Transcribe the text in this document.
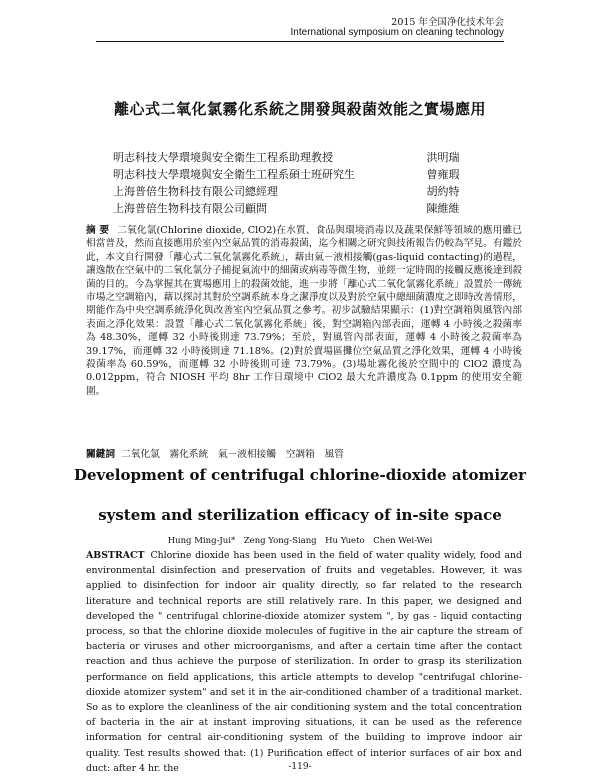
2015 年全国净化技术年会
International symposium on cleaning technology
離心式二氧化氯霧化系統之開發與殺菌效能之實場應用
明志科技大學環境與安全衛生工程系助理教授	洪明瑞
明志科技大學環境與安全衛生工程系碩士班研究生	曾雍瑕
上海普倍生物科技有限公司總經理	胡約特
上海普倍生物科技有限公司顧問	陳維維
摘 要 二氧化氯(Chlorine dioxide, ClO2)在水質、食品與環境消毒以及蔬果保鮮等領域的應用雖已相當普及，然而直接應用於室內空氣品質的消毒殺菌，迄今相關之研究與技術報告仍較為罕見。有鑑於此，本文自行開發「離心式二氧化氯霧化系統」，藉由氣－液相接觸(gas-liquid contacting)的過程，讓逸散在空氣中的二氧化氯分子捕捉氣流中的細菌或病毒等微生物，並經一定時間的接觸反應後達到殺菌的目的。今為掌握其在實場應用上的殺菌效能，進一步將「離心式二氧化氯霧化系統」設置於一傳統市場之空調箱內，藉以探討其對於空調系統本身之潔淨度以及對於空氣中總細菌濃度之即時改善情形，期能作為中央空調系統淨化與改善室內空氣品質之參考。初步試驗結果顯示：(1)對空調箱與風管內部表面之淨化效果：設置「離心式二氧化氯霧化系統」後，對空調箱內部表面，運轉 4 小時後之殺菌率為 48.30%，運轉 32 小時後則達 73.79%；至於，對風管內部表面，運轉 4 小時後之殺菌率為 39.17%，而運轉 32 小時後則達 71.18%。(2)對於賣場區攤位空氣品質之淨化效果，運轉 4 小時後殺菌率為 60.59%，而運轉 32 小時後則可達 73.79%。(3)場址霧化後於空間中的 ClO2 濃度為 0.012ppm，符合 NIOSH 平均 8hr 工作日環境中 ClO2 最大允許濃度為 0.1ppm 的使用安全範圍。
關鍵詞 二氧化氯　霧化系統　氣－液相接觸　空調箱　風管
Development of centrifugal chlorine-dioxide atomizer system and sterilization efficacy of in-site space
Hung Ming-Jui*　Zeng Yong-Siang　Hu Yueto　Chen Wei-Wei
ABSTRACT Chlorine dioxide has been used in the field of water quality widely, food and environmental disinfection and preservation of fruits and vegetables. However, it was applied to disinfection for indoor air quality directly, so far related to the research literature and technical reports are still relatively rare. In this paper, we designed and developed the " centrifugal chlorine-dioxide atomizer system ", by gas - liquid contacting process, so that the chlorine dioxide molecules of fugitive in the air capture the stream of bacteria or viruses and other microorganisms, and after a certain time after the contact reaction and thus achieve the purpose of sterilization. In order to grasp its sterilization performance on field applications, this article attempts to develop "centrifugal chlorine-dioxide atomizer system" and set it in the air-conditioned chamber of a traditional market. So as to explore the cleanliness of the air conditioning system and the total concentration of bacteria in the air at instant improving situations, it can be used as the reference information for central air-conditioning system of the building to improve indoor air quality. Test results showed that: (1) Purification effect of interior surfaces of air box and duct: after 4 hr. the	-119-
